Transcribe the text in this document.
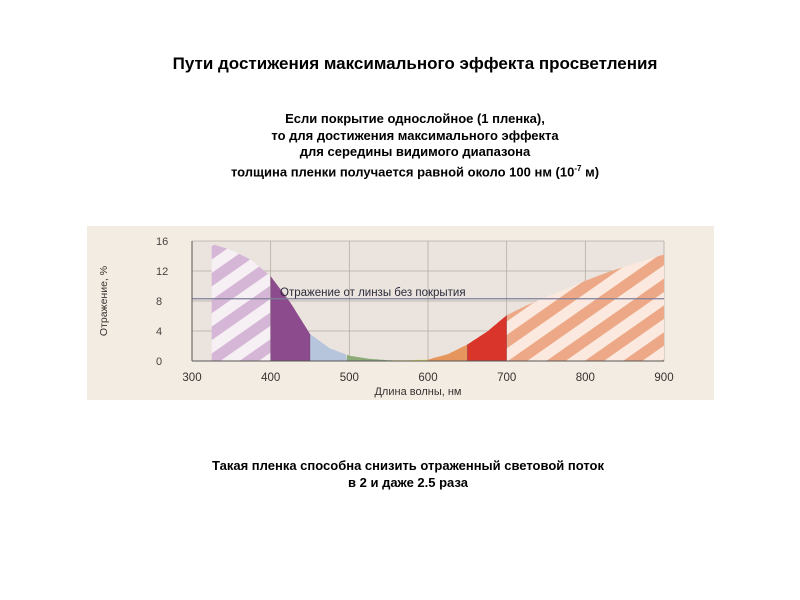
Пути достижения максимального эффекта просветления
Если покрытие однослойное (1 пленка),
то для достижения максимального эффекта
для середины видимого диапазона
толщина пленки получается равной около 100 нм ($10^{-7}$ м)
Отражение от линзы без покрытия
0
4
8
12
16
300	400	500	600	700	800	900
Длина волны, нм
Отражение, %
Такая пленка способна снизить отраженный световой поток
в 2 и даже 2.5 раза
